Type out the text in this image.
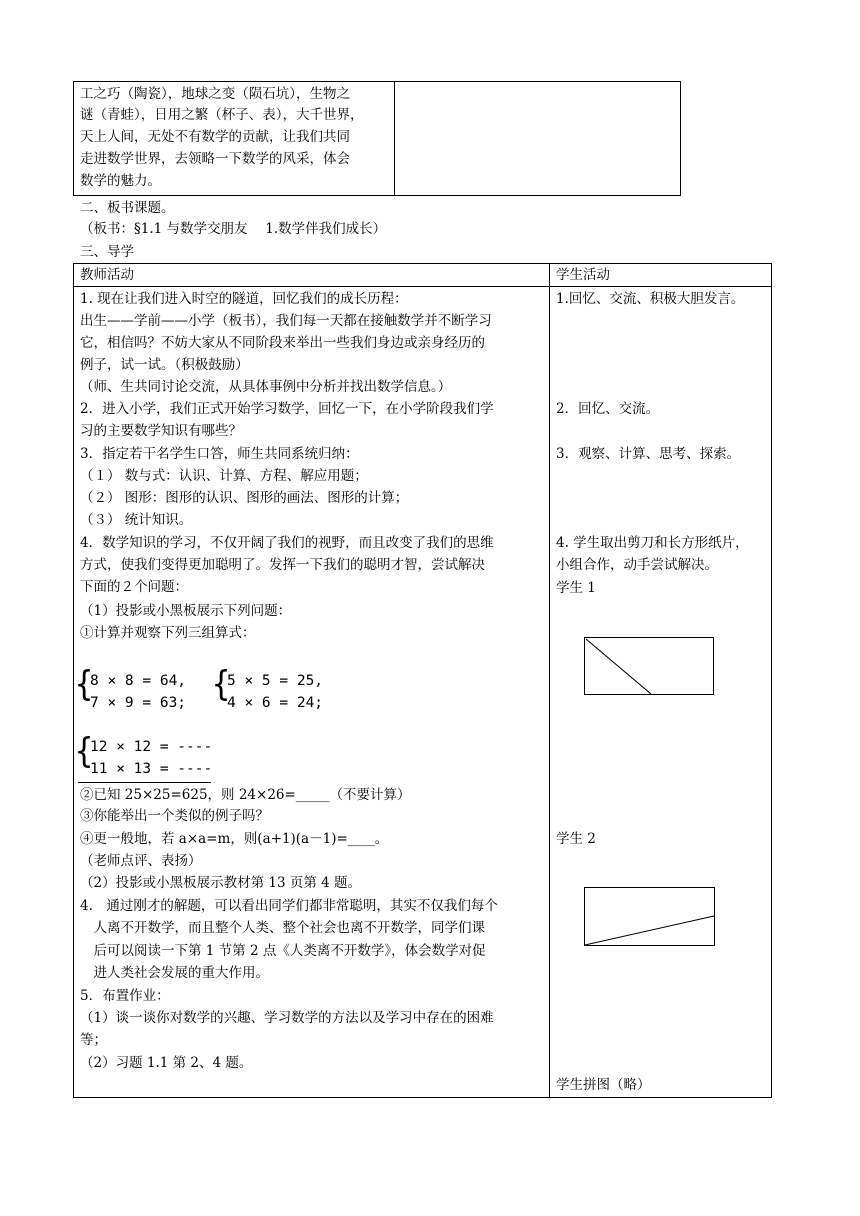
工之巧（陶瓷），地球之变（陨石坑），生物之
谜（青蛙），日用之繁（杯子、表），大千世界，
天上人间，无处不有数学的贡献，让我们共同
走进数学世界，去领略一下数学的风采，体会
数学的魅力。
二、板书课题。
（板书：§1.1 与数学交朋友　 1.数学伴我们成长）
三、导学
教师活动	学生活动
1. 现在让我们进入时空的隧道，回忆我们的成长历程：
出生——学前——小学（板书），我们每一天都在接触数学并不断学习
它，相信吗？不妨大家从不同阶段来举出一些我们身边或亲身经历的
例子，试一试。（积极鼓励）
（师、生共同讨论交流，从具体事例中分析并找出数学信息。）
2．进入小学，我们正式开始学习数学，回忆一下，在小学阶段我们学
习的主要数学知识有哪些？
3．指定若干名学生口答，师生共同系统归纳：
（１） 数与式：认识、计算、方程、解应用题；
（２） 图形：图形的认识、图形的画法、图形的计算；
（３） 统计知识。
4．数学知识的学习，不仅开阔了我们的视野，而且改变了我们的思维
方式，使我们变得更加聪明了。发挥一下我们的聪明才智，尝试解决
下面的２个问题：
（1）投影或小黑板展示下列问题：
①计算并观察下列三组算式：
{
8 × 8 = 64,
7 × 9 = 63; {
5 × 5 = 25,
4 × 6 = 24;
{
12 × 12 = ----
11 × 13 = ----
②已知 25×25=625，则 24×26=_____（不要计算）
③你能举出一个类似的例子吗？
④更一般地，若 a×a=m，则(a+1)(a－1)=____。
（老师点评、表扬）
（2）投影或小黑板展示教材第 13 页第 4 题。
4.　通过刚才的解题，可以看出同学们都非常聪明，其实不仅我们每个
　人离不开数学，而且整个人类、整个社会也离不开数学，同学们课
　后可以阅读一下第 1 节第 2 点《人类离不开数学》，体会数学对促
　进人类社会发展的重大作用。
5．布置作业：
（1）谈一谈你对数学的兴趣、学习数学的方法以及学习中存在的困难
等；
（2）习题 1.1 第 2、4 题。
1.回忆、交流、积极大胆发言。
2．回忆、交流。
3．观察、计算、思考、探索。
4. 学生取出剪刀和长方形纸片，
小组合作，动手尝试解决。
学生 1
学生 2
学生拼图（略）
